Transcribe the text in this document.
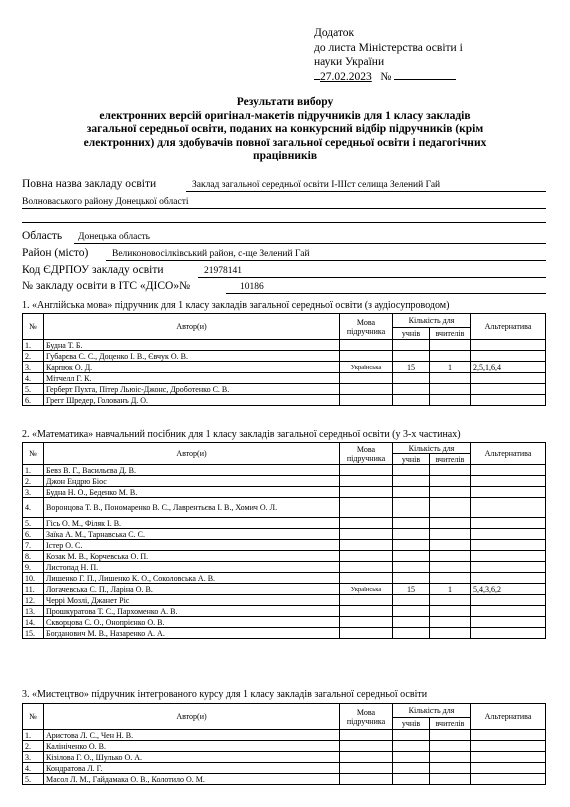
Додаток
до листа Міністерства освіти і
науки України
27.02.2023 №
Результати вибору
електронних версій оригінал-макетів підручників для 1 класу закладів
загальної середньої освіти, поданих на конкурсний відбір підручників (крім
електронних) для здобувачів повної загальної середньої освіти і педагогічних
працівників
Повна назва закладу освіти	Заклад загальної середньої освіти I-IIIст селища Зелений Гай
Волноваського району Донецької області
Область Донецька область
Район (місто) Великоновосілківський район, с-ще Зелений Гай
Код ЄДРПОУ закладу освіти	21978141
№ закладу освіти в ІТС «ДІСО»№	10186
1. «Англійська мова» підручник для 1 класу закладів загальної середньої освіти (з аудіосупроводом)
№	Автор(и)	Мова підручника	Кількість для		Альтернатива
			учнів	вчителів	
1.	Будна Т. Б.				
2.	Губарєва С. С., Доценко І. В., Євчук О. В.				
3.	Карпюк О. Д.	Українська	15	1	2,5,1,6,4
4.	Мітчелл Г. К.				
5.	Герберт Пухта, Пітер Льюіс-Джонс, Дроботенко С. В.				
6.	Грегг Шредер, Голованъ Д. О.				
2. «Математика» навчальний посібник для 1 класу закладів загальної середньої освіти (у 3-х частинах)
№	Автор(и)	Мова підручника	Кількість для		Альтернатива
			учнів	вчителів	
1.	Бевз В. Г., Васильєва Д. В.				
2.	Джон Ендрю Біос				
3.	Будна Н. О., Беденко М. В.				
4.	Воронцова Т. В., Пономаренко В. С., Лаврентьєва І. В., Хомич О. Л.				
5.	Гісь О. М., Філяк І. В.				
6.	Заїка А. М., Тарнавська С. С.				
7.	Істер О. С.				
8.	Козак М. В., Корчевська О. П.				
9.	Листопад Н. П.				
10.	Лишенко Г. П., Лишенко К. О., Соколовська А. В.				
11.	Логачевська С. П., Ларіна О. В.	Українська	15	1	5,4,3,6,2
12.	Черрі Мозлі, Джанет Ріс				
13.	Прошкуратова Т. С., Пархоменко А. В.				
14.	Скворцова С. О., Онопрієнко О. В.				
15.	Богданович М. В., Назаренко А. А.				
3. «Мистецтво» підручник інтегрованого курсу для 1 класу закладів загальної середньої освіти
№	Автор(и)	Мова підручника	Кількість для		Альтернатива
			учнів	вчителів	
1.	Аристова Л. С., Чен Н. В.				
2.	Калініченко О. В.				
3.	Кізілова Г. О., Шулько О. А.				
4.	Кондратова Л. Г.				
5.	Масол Л. М., Гайдамака О. В., Колотило О. М.				
